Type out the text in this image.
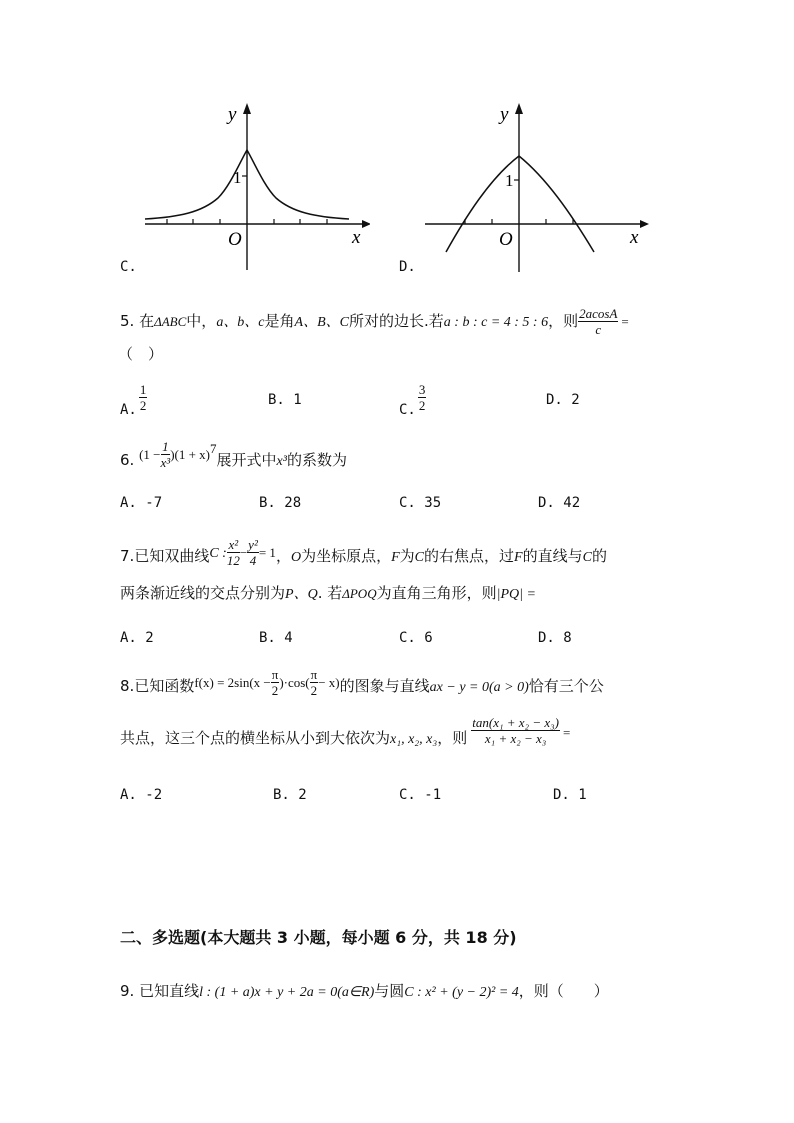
y
x
O
1
C.
y
x
O
1
D.
5. 在ΔABC中，a、b、c是角A、B、C所对的边长.若a : b : c = 4 : 5 : 6，则 $\frac{2acosA}{c}$ =
（　）
A. $\frac{1}{2}$	B. 1
C. $\frac{3}{2}$	D. 2
6. $(1 - \frac{1}{\text{x³}} )(1 + x)^7$展开式中x³的系数为
A. -7	B. 28	C. 35	D. 42
7.已知双曲线C : $\frac{\text{x²}}{12} - \frac{\text{y²}}{4} = 1$，O为坐标原点，F为C的右焦点，过F的直线与C的
两条渐近线的交点分别为P、Q. 若ΔPOQ为直角三角形，则|PQ| =
A. 2	B. 4	C. 6	D. 8
8.已知函数$f(x) = 2\sin(x - \frac{\pi}{2} )\cdot\cos( \frac{\pi}{2} - x)$的图象与直线ax − y = 0(a > 0)恰有三个公
共点，这三个点的横坐标从小到大依次为x₁, x₂, x₃，则 $\frac{\text{tan(x₁ + x₂ − x₃)}}{\text{x₁ + x₂ − x₃}}$ =
A. -2	B. 2	C. -1	D. 1
二、多选题(本大题共 3 小题，每小题 6 分，共 18 分)
9. 已知直线l : (1 + a)x + y + 2a = 0(a∈R)与圆C : x² + (y − 2)² = 4，则（　　）
